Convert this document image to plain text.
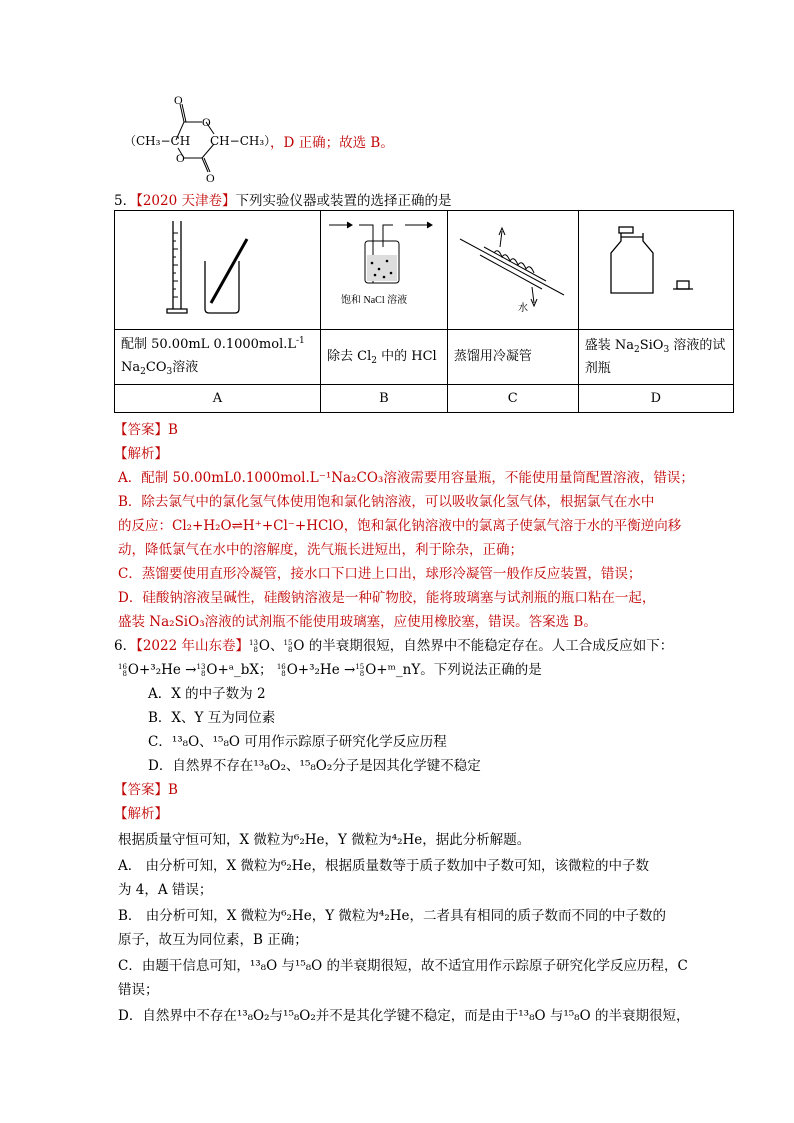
O
O
O
O
（CH₃−CH CH−CH₃）
，D 正确；故选 B。
5．【2020 天津卷】下列实验仪器或装置的选择正确的是

饱和 NaCl 溶液	水

配制 50.00mL $0.1000mol.L^{-1}$
$Na_2CO_3$溶液	除去 $Cl_2$ 中的 HCl	蒸馏用冷凝管	盛装 $Na_2SiO_3$ 溶液的试剂瓶
A	B	C	D
【答案】B
【解析】
A．配制 50.00mL0.1000mol.L⁻¹Na₂CO₃溶液需要用容量瓶，不能使用量筒配置溶液，错误；
B．除去氯气中的氯化氢气体使用饱和氯化钠溶液，可以吸收氯化氢气体，根据氯气在水中
的反应：Cl₂+H₂O⇌H⁺+Cl⁻+HClO，饱和氯化钠溶液中的氯离子使氯气溶于水的平衡逆向移
动，降低氯气在水中的溶解度，洗气瓶长进短出，利于除杂，正确；
C．蒸馏要使用直形冷凝管，接水口下口进上口出，球形冷凝管一般作反应装置，错误；
D．硅酸钠溶液呈碱性，硅酸钠溶液是一种矿物胶，能将玻璃塞与试剂瓶的瓶口粘在一起，
盛装 Na₂SiO₃溶液的试剂瓶不能使用玻璃塞，应使用橡胶塞，错误。答案选 B。
6．【2022 年山东卷】 13
8 O、 15
8 O 的半衰期很短，自然界中不能稳定存在。人工合成反应如下：
16
8 O+³₂He → 13
8 O+ᵃ_bX； 16
8 O+³₂He → 15
8 O+ᵐ_nY。下列说法正确的是
A．X 的中子数为 2
B．X、Y 互为同位素
C．¹³₈O、¹⁵₈O 可用作示踪原子研究化学反应历程
D．自然界不存在¹³₈O₂、¹⁵₈O₂分子是因其化学键不稳定
【答案】B
【解析】
根据质量守恒可知，X 微粒为⁶₂He，Y 微粒为⁴₂He，据此分析解题。
A． 由分析可知，X 微粒为⁶₂He，根据质量数等于质子数加中子数可知，该微粒的中子数
为 4，A 错误；
B． 由分析可知，X 微粒为⁶₂He，Y 微粒为⁴₂He，二者具有相同的质子数而不同的中子数的
原子，故互为同位素，B 正确；
C．由题干信息可知，¹³₈O 与¹⁵₈O 的半衰期很短，故不适宜用作示踪原子研究化学反应历程，C
错误；
D．自然界中不存在¹³₈O₂与¹⁵₈O₂并不是其化学键不稳定，而是由于¹³₈O 与¹⁵₈O 的半衰期很短，
